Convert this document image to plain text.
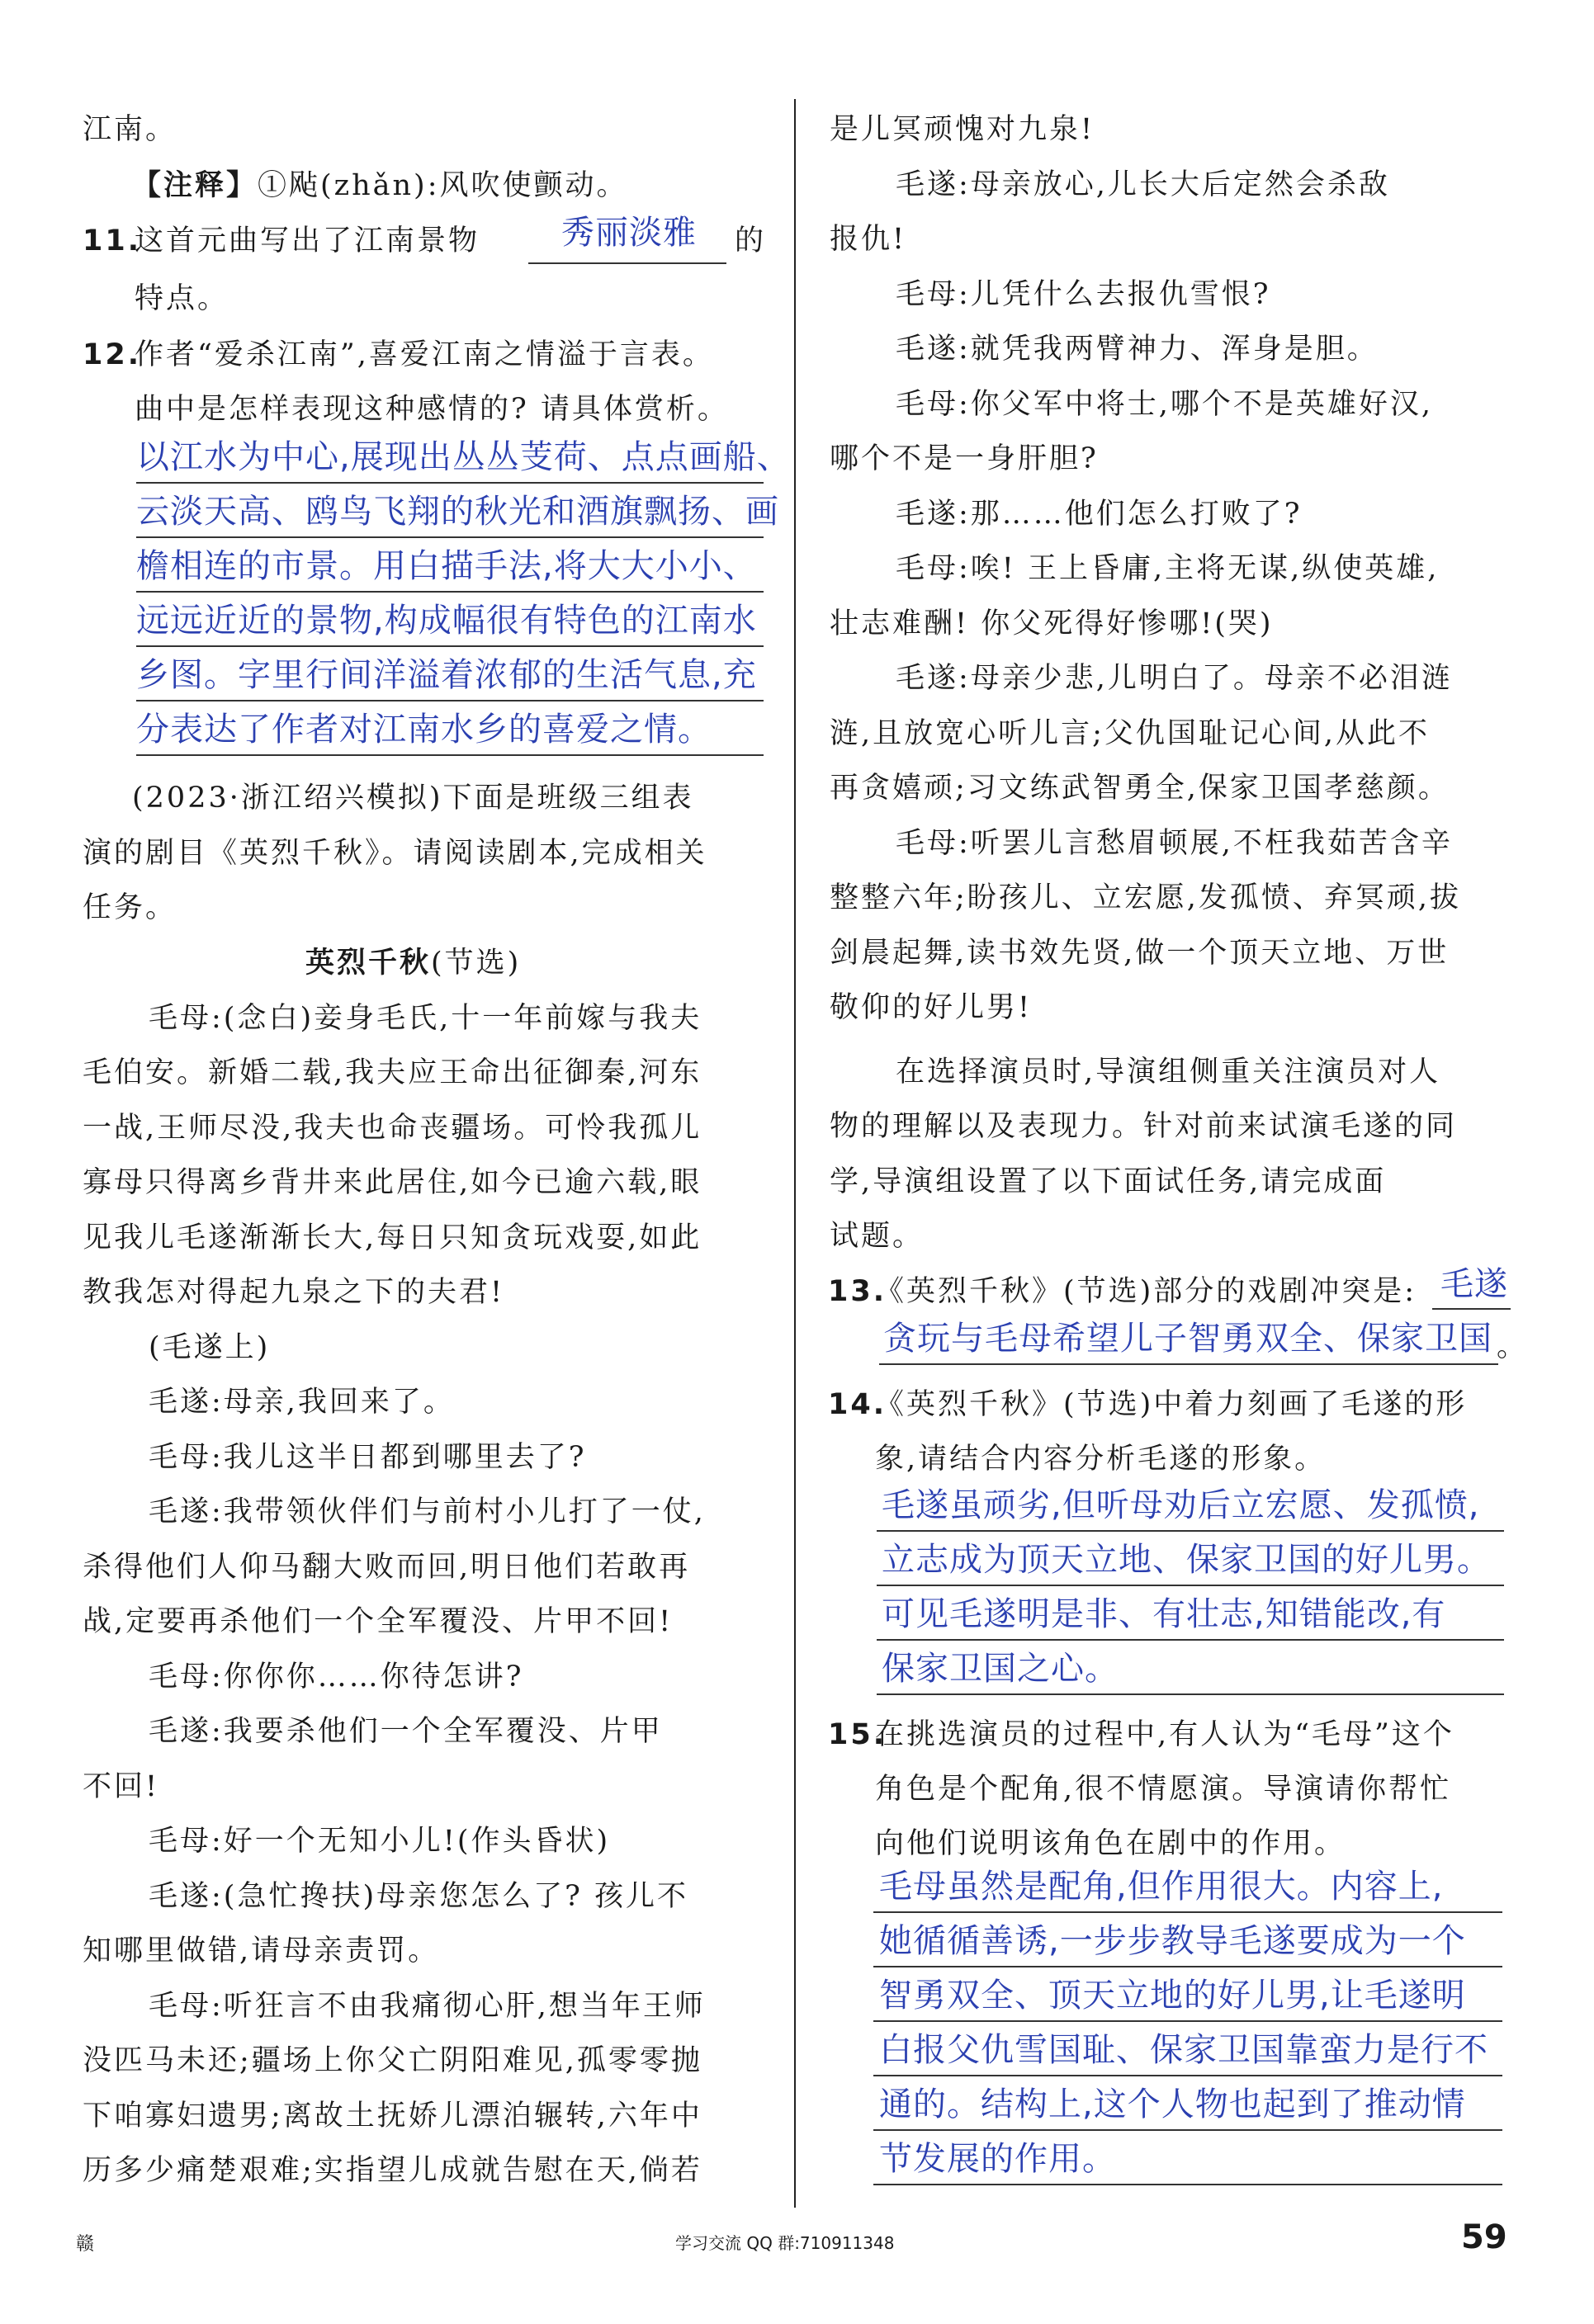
江南。
【注释】①飐(zhǎn):风吹使颤动。
11.
这首元曲写出了江南景物 秀丽淡雅 的
特点。
12.
作者“爱杀江南”,喜爱江南之情溢于言表。
曲中是怎样表现这种感情的? 请具体赏析。
以江水为中心,展现出丛丛芰荷、点点画船、
云淡天高、鸥鸟飞翔的秋光和酒旗飘扬、画
檐相连的市景。用白描手法,将大大小小、
远远近近的景物,构成幅很有特色的江南水
乡图。字里行间洋溢着浓郁的生活气息,充
分表达了作者对江南水乡的喜爱之情。
(2023·浙江绍兴模拟)下面是班级三组表
演的剧目《英烈千秋》。请阅读剧本,完成相关
任务。
英烈千秋(节选)
毛母:(念白)妾身毛氏,十一年前嫁与我夫
毛伯安。新婚二载,我夫应王命出征御秦,河东
一战,王师尽没,我夫也命丧疆场。可怜我孤儿
寡母只得离乡背井来此居住,如今已逾六载,眼
见我儿毛遂渐渐长大,每日只知贪玩戏耍,如此
教我怎对得起九泉之下的夫君!
(毛遂上)
毛遂:母亲,我回来了。
毛母:我儿这半日都到哪里去了?
毛遂:我带领伙伴们与前村小儿打了一仗,
杀得他们人仰马翻大败而回,明日他们若敢再
战,定要再杀他们一个全军覆没、片甲不回!
毛母:你你你……你待怎讲?
毛遂:我要杀他们一个全军覆没、片甲
不回!
毛母:好一个无知小儿!(作头昏状)
毛遂:(急忙搀扶)母亲您怎么了? 孩儿不
知哪里做错,请母亲责罚。
毛母:听狂言不由我痛彻心肝,想当年王师
没匹马未还;疆场上你父亡阴阳难见,孤零零抛
下咱寡妇遗男;离故土抚娇儿漂泊辗转,六年中
历多少痛楚艰难;实指望儿成就告慰在天,倘若
是儿冥顽愧对九泉!
毛遂:母亲放心,儿长大后定然会杀敌
报仇!
毛母:儿凭什么去报仇雪恨?
毛遂:就凭我两臂神力、浑身是胆。
毛母:你父军中将士,哪个不是英雄好汉,
哪个不是一身肝胆?
毛遂:那……他们怎么打败了?
毛母:唉! 王上昏庸,主将无谋,纵使英雄,
壮志难酬! 你父死得好惨哪!(哭)
毛遂:母亲少悲,儿明白了。母亲不必泪涟
涟,且放宽心听儿言;父仇国耻记心间,从此不
再贪嬉顽;习文练武智勇全,保家卫国孝慈颜。
毛母:听罢儿言愁眉顿展,不枉我茹苦含辛
整整六年;盼孩儿、立宏愿,发孤愤、弃冥顽,拔
剑晨起舞,读书效先贤,做一个顶天立地、万世
敬仰的好儿男!
在选择演员时,导演组侧重关注演员对人
物的理解以及表现力。针对前来试演毛遂的同
学,导演组设置了以下面试任务,请完成面
试题。
13.
《英烈千秋》(节选)部分的戏剧冲突是: 毛遂
贪玩与毛母希望儿子智勇双全、保家卫国 。
14.
《英烈千秋》(节选)中着力刻画了毛遂的形
象,请结合内容分析毛遂的形象。
毛遂虽顽劣,但听母劝后立宏愿、发孤愤,
立志成为顶天立地、保家卫国的好儿男。
可见毛遂明是非、有壮志,知错能改,有
保家卫国之心。
15.
在挑选演员的过程中,有人认为“毛母”这个
角色是个配角,很不情愿演。导演请你帮忙
向他们说明该角色在剧中的作用。
毛母虽然是配角,但作用很大。内容上,
她循循善诱,一步步教导毛遂要成为一个
智勇双全、顶天立地的好儿男,让毛遂明
白报父仇雪国耻、保家卫国靠蛮力是行不
通的。结构上,这个人物也起到了推动情
节发展的作用。
赣	学习交流 QQ 群:710911348	59
